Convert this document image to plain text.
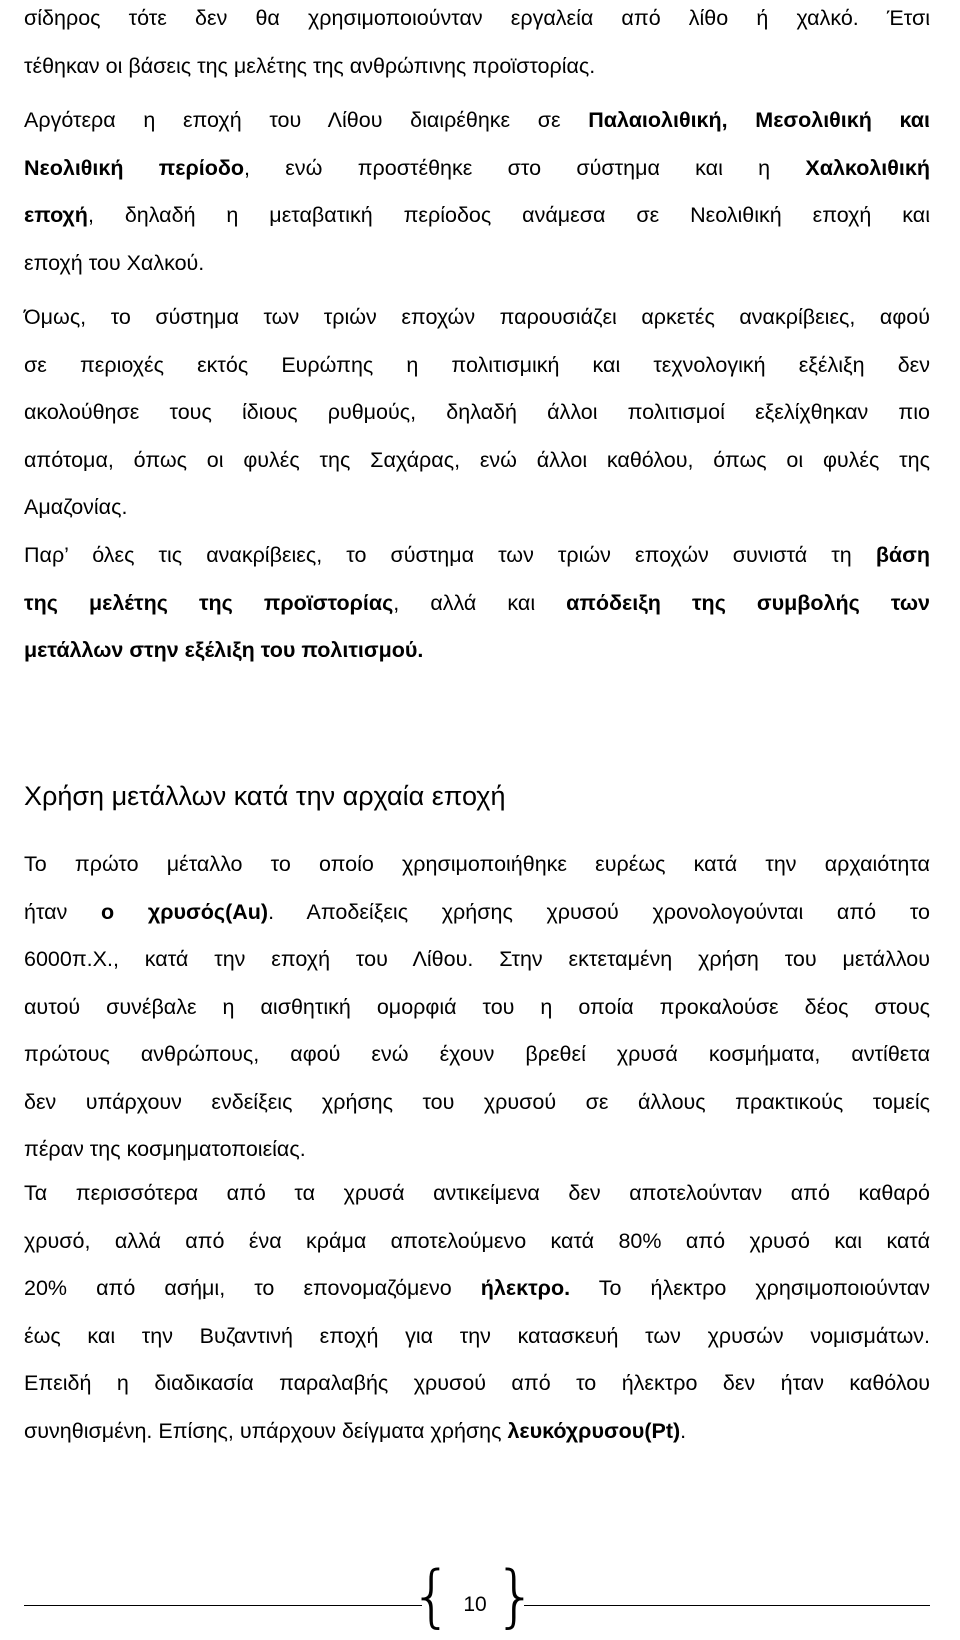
σίδηρος τότε δεν θα χρησιμοποιούνταν εργαλεία από λίθο ή χαλκό. Έτσι
τέθηκαν οι βάσεις της μελέτης της ανθρώπινης προϊστορίας.
Αργότερα η εποχή του Λίθου διαιρέθηκε σε Παλαιολιθική, Μεσολιθική και
Νεολιθική περίοδο, ενώ προστέθηκε στο σύστημα και η Χαλκολιθική
εποχή, δηλαδή η μεταβατική περίοδος ανάμεσα σε Νεολιθική εποχή και
εποχή του Χαλκού.
Όμως, το σύστημα των τριών εποχών παρουσιάζει αρκετές ανακρίβειες, αφού
σε περιοχές εκτός Ευρώπης η πολιτισμική και τεχνολογική εξέλιξη δεν
ακολούθησε τους ίδιους ρυθμούς, δηλαδή άλλοι πολιτισμοί εξελίχθηκαν πιο
απότομα, όπως οι φυλές της Σαχάρας, ενώ άλλοι καθόλου, όπως οι φυλές της
Αμαζονίας.
Παρ’ όλες τις ανακρίβειες, το σύστημα των τριών εποχών συνιστά τη βάση
της μελέτης της προϊστορίας, αλλά και απόδειξη της συμβολής των
μετάλλων στην εξέλιξη του πολιτισμού.
Χρήση μετάλλων κατά την αρχαία εποχή
Το πρώτο μέταλλο το οποίο χρησιμοποιήθηκε ευρέως κατά την αρχαιότητα
ήταν ο χρυσός(Au). Αποδείξεις χρήσης χρυσού χρονολογούνται από το
6000π.Χ., κατά την εποχή του Λίθου. Στην εκτεταμένη χρήση του μετάλλου
αυτού συνέβαλε η αισθητική ομορφιά του η οποία προκαλούσε δέος στους
πρώτους ανθρώπους, αφού ενώ έχουν βρεθεί χρυσά κοσμήματα, αντίθετα
δεν υπάρχουν ενδείξεις χρήσης του χρυσού σε άλλους πρακτικούς τομείς
πέραν της κοσμηματοποιείας.
Τα περισσότερα από τα χρυσά αντικείμενα δεν αποτελούνταν από καθαρό
χρυσό, αλλά από ένα κράμα αποτελούμενο κατά 80% από χρυσό και κατά
20% από ασήμι, το επονομαζόμενο ήλεκτρο. Το ήλεκτρο χρησιμοποιούνταν
έως και την Βυζαντινή εποχή για την κατασκευή των χρυσών νομισμάτων.
Επειδή η διαδικασία παραλαβής χρυσού από το ήλεκτρο δεν ήταν καθόλου
συνηθισμένη. Επίσης, υπάρχουν δείγματα χρήσης λευκόχρυσου(Pt).
{ 10 }
